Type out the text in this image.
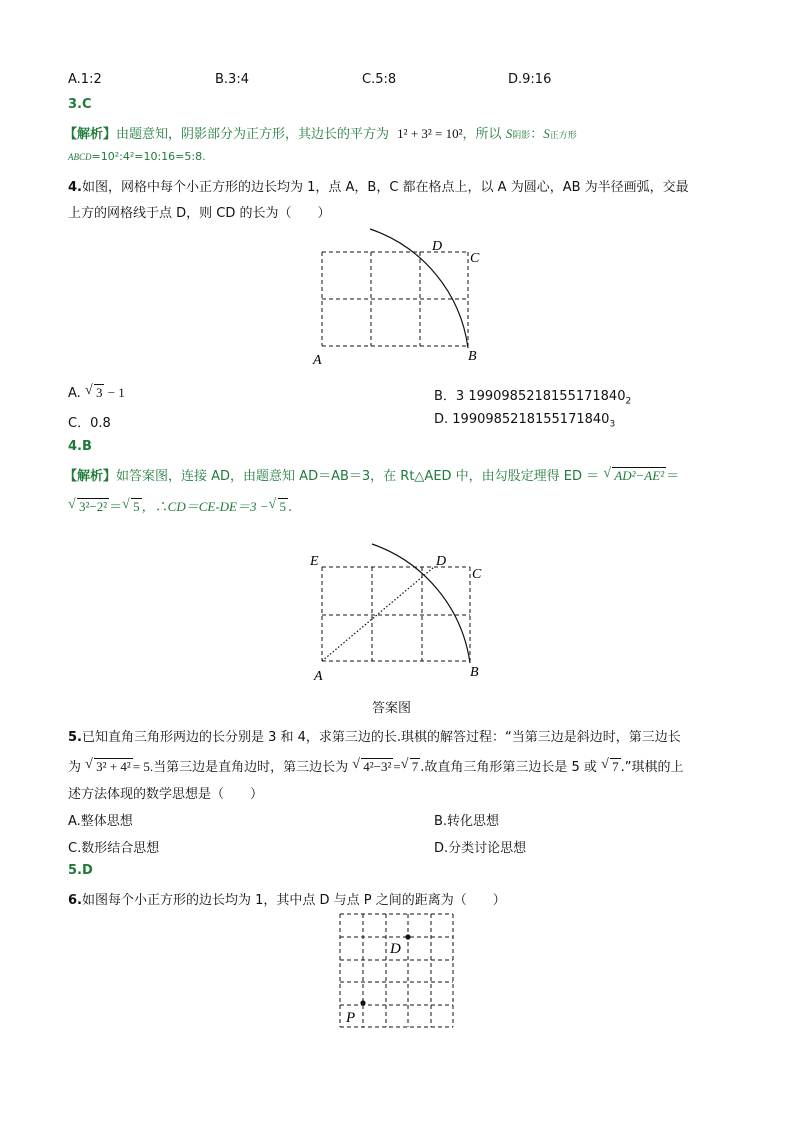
A.1:2	B.3:4	C.5:8	D.9:16
3.C
【解析】由题意知，阴影部分为正方形，其边长的平方为 1² + 3² = 10²，所以 S阴影：S正方形
ABCD=10²:4²=10:16=5:8.
4.如图，网格中每个小正方形的边长均为 1，点 A，B，C 都在格点上，以 A 为圆心，AB 为半径画弧，交最
上方的网格线于点 D，则 CD 的长为（　　）
A	B
C
D
A. √ 3 − 1	B．3 $1990985218155171840_2$
C．0.8	D. $1990985218155171840_3$
4.B
【解析】如答案图，连接 AD，由题意知 AD＝AB＝3，在 Rt△AED 中，由勾股定理得 ED ＝ √ AD²−AE² ＝
√ 3²−2² ＝ √ 5 ，∴CD＝CE-DE＝3 − √ 5 .
E
A	B
C
D
答案图
5.已知直角三角形两边的长分别是 3 和 4，求第三边的长.琪棋的解答过程：“当第三边是斜边时，第三边长
为 √ 3² + 4² = 5.当第三边是直角边时，第三边长为 √ 4²−3² = √ 7 .故直角三角形第三边长是 5 或 √ 7 .”琪棋的上
述方法体现的数学思想是（　　）
A.整体思想	B.转化思想
C.数形结合思想	D.分类讨论思想
5.D
6.如图每个小正方形的边长均为 1，其中点 D 与点 P 之间的距离为（　　）
D
P
